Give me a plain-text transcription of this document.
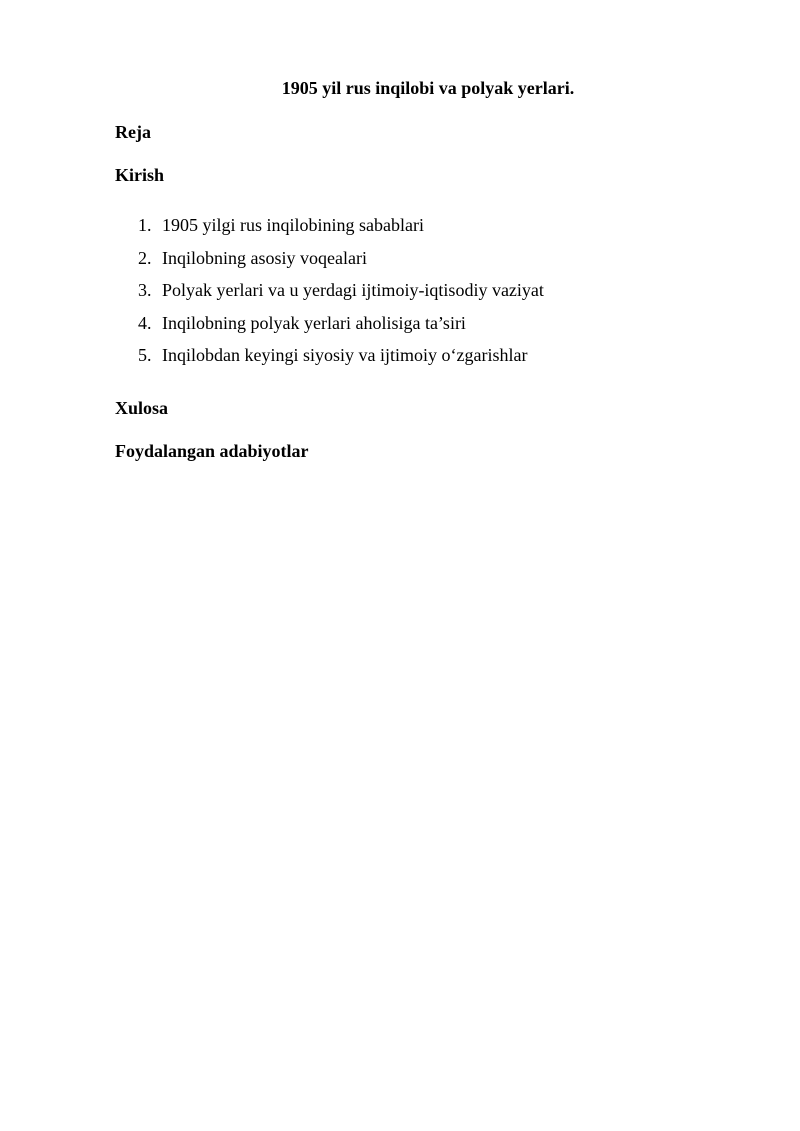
1905 yil rus inqilobi va polyak yerlari.
Reja
Kirish
1. 1905 yilgi rus inqilobining sabablari
2. Inqilobning asosiy voqealari
3. Polyak yerlari va u yerdagi ijtimoiy-iqtisodiy vaziyat
4. Inqilobning polyak yerlari aholisiga ta’siri
5. Inqilobdan keyingi siyosiy va ijtimoiy o‘zgarishlar
Xulosa
Foydalangan adabiyotlar
